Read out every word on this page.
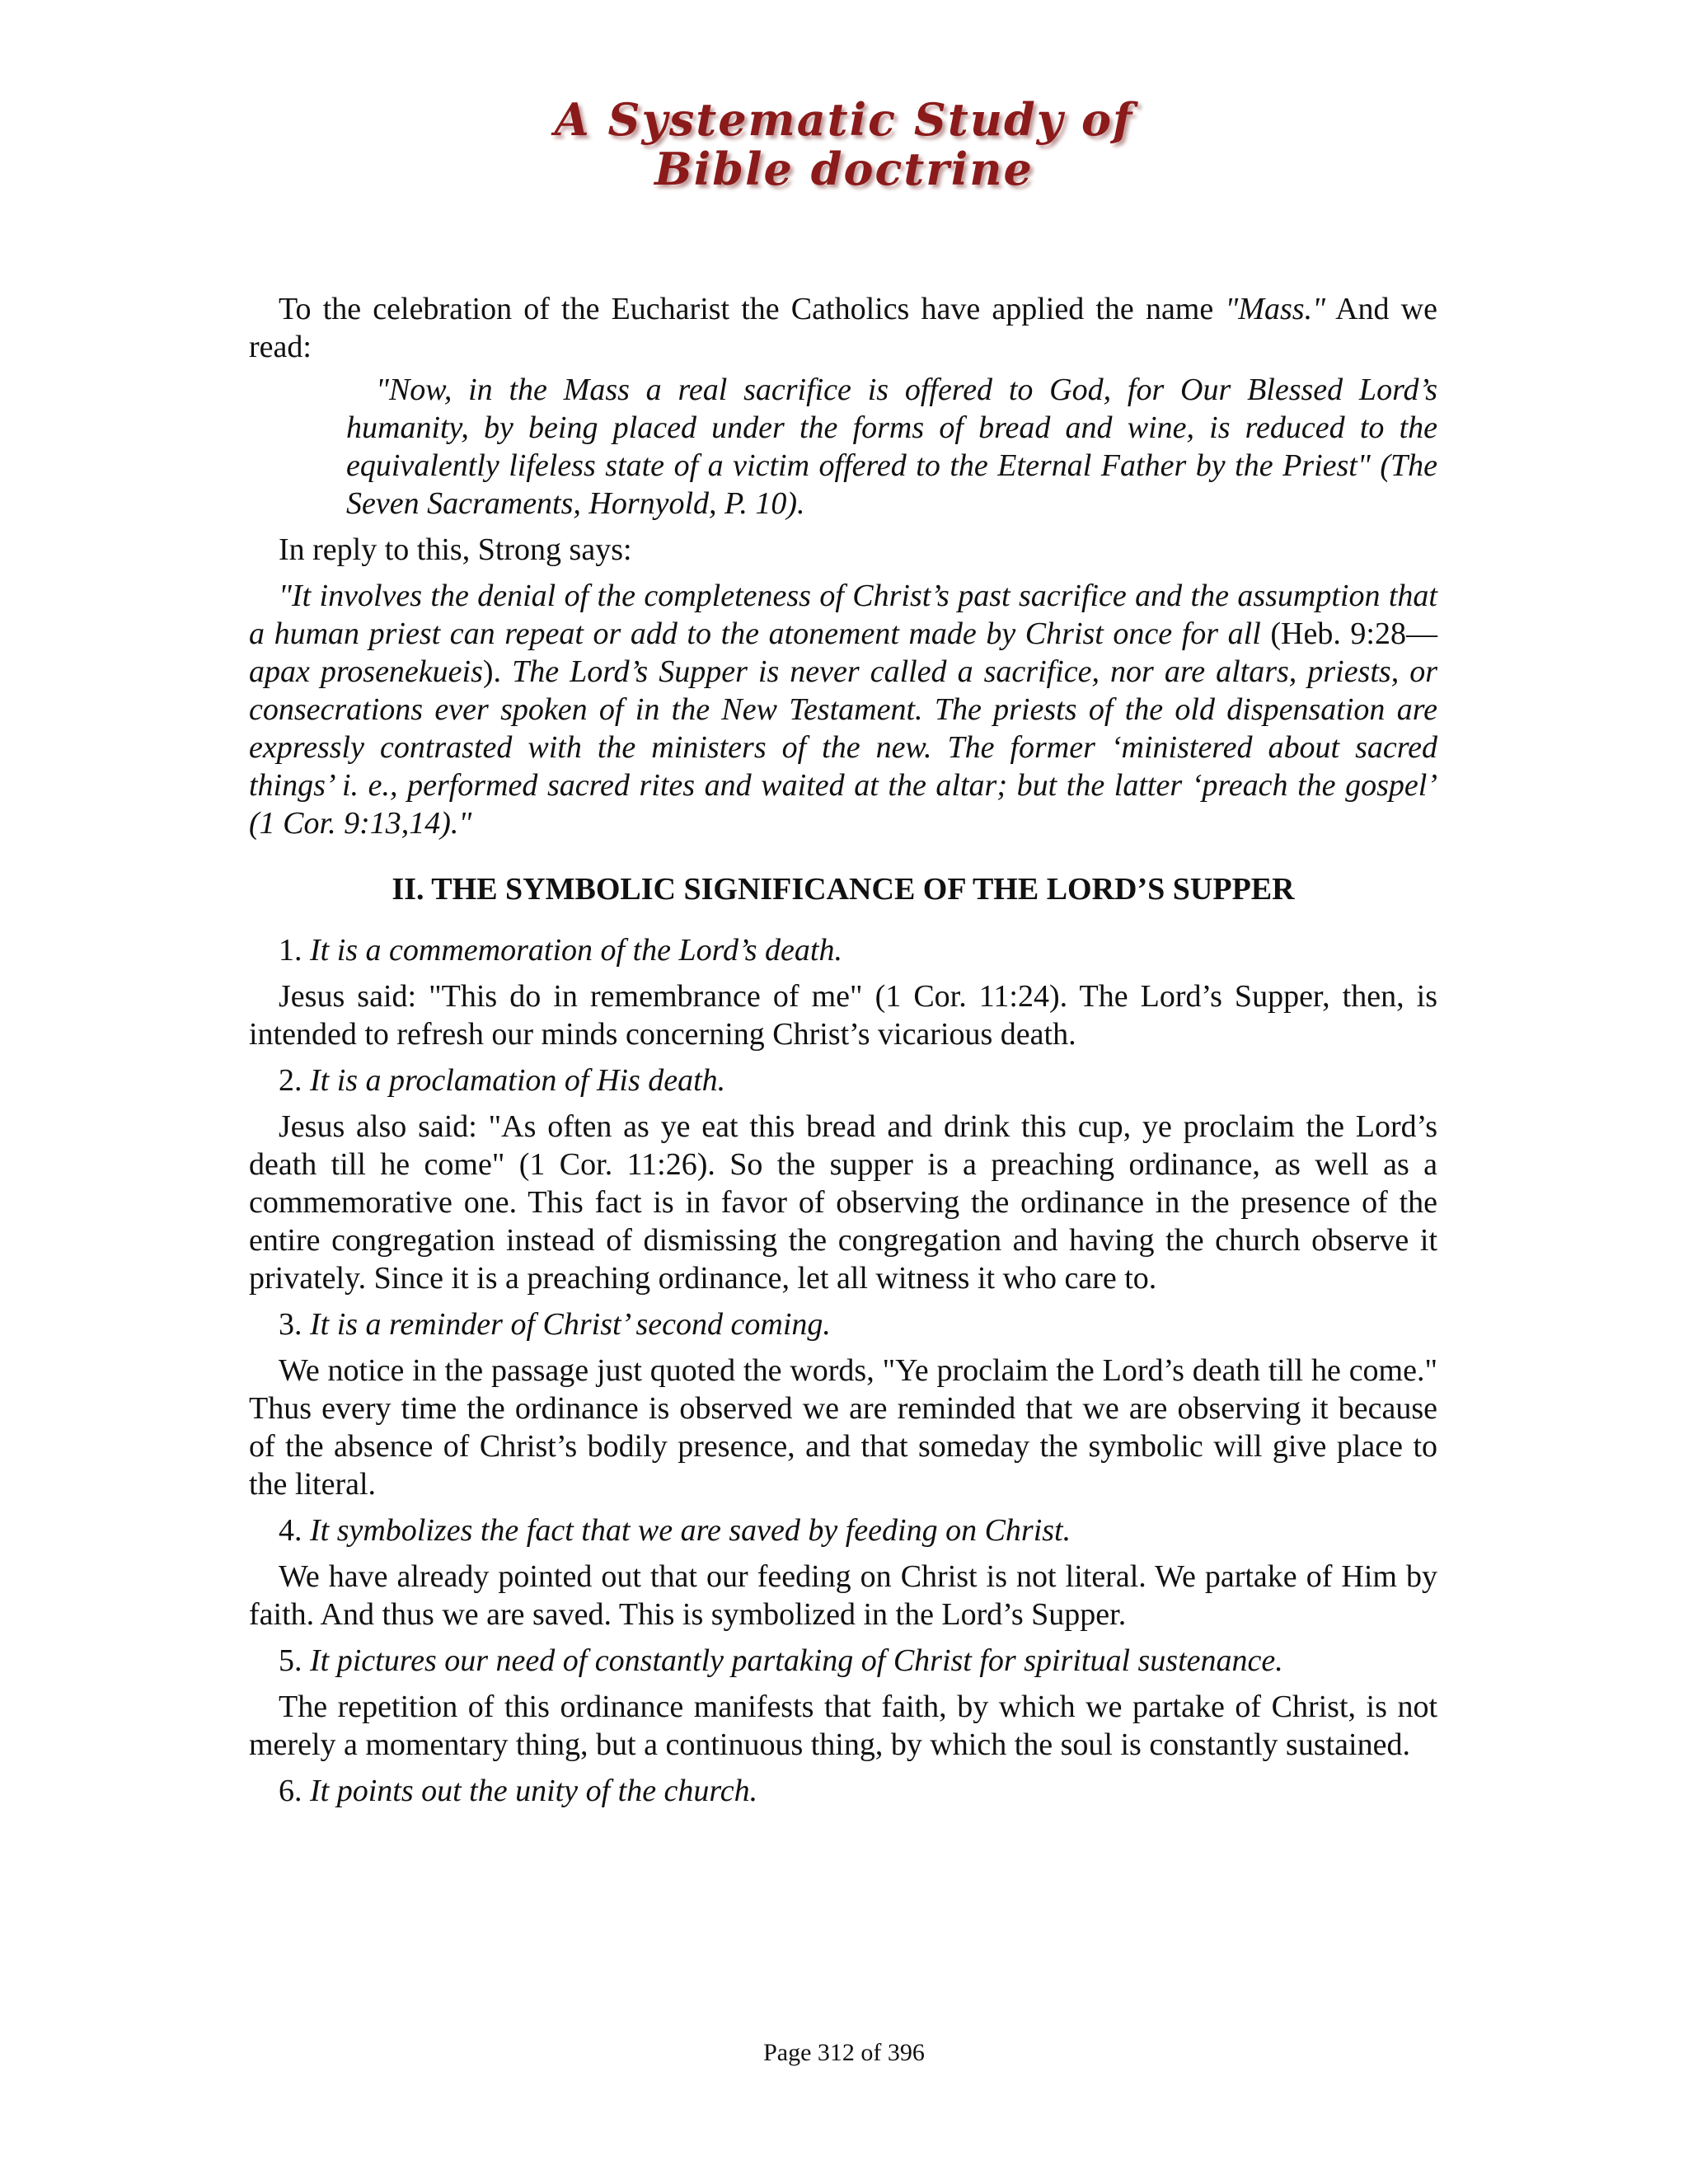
A Systematic Study of
Bible doctrine

To the celebration of the Eucharist the Catholics have applied the name "Mass." And we read:

"Now, in the Mass a real sacrifice is offered to God, for Our Blessed Lord’s humanity, by being placed under the forms of bread and wine, is reduced to the equivalently lifeless state of a victim offered to the Eternal Father by the Priest" (The Seven Sacraments, Hornyold, P. 10).

In reply to this, Strong says:

"It involves the denial of the completeness of Christ’s past sacrifice and the assumption that a human priest can repeat or add to the atonement made by Christ once for all (Heb. 9:28—apax prosenekueis). The Lord’s Supper is never called a sacrifice, nor are altars, priests, or consecrations ever spoken of in the New Testament. The priests of the old dispensation are expressly contrasted with the ministers of the new. The former ‘ministered about sacred things’ i. e., performed sacred rites and waited at the altar; but the latter ‘preach the gospel’ (1 Cor. 9:13,14)."

II. THE SYMBOLIC SIGNIFICANCE OF THE LORD’S SUPPER

1. It is a commemoration of the Lord’s death.

Jesus said: "This do in remembrance of me" (1 Cor. 11:24). The Lord’s Supper, then, is intended to refresh our minds concerning Christ’s vicarious death.

2. It is a proclamation of His death.

Jesus also said: "As often as ye eat this bread and drink this cup, ye proclaim the Lord’s death till he come" (1 Cor. 11:26). So the supper is a preaching ordinance, as well as a commemorative one. This fact is in favor of observing the ordinance in the presence of the entire congregation instead of dismissing the congregation and having the church observe it privately. Since it is a preaching ordinance, let all witness it who care to.

3. It is a reminder of Christ’ second coming.

We notice in the passage just quoted the words, "Ye proclaim the Lord’s death till he come." Thus every time the ordinance is observed we are reminded that we are observing it because of the absence of Christ’s bodily presence, and that someday the symbolic will give place to the literal.

4. It symbolizes the fact that we are saved by feeding on Christ.

We have already pointed out that our feeding on Christ is not literal. We partake of Him by faith. And thus we are saved. This is symbolized in the Lord’s Supper.

5. It pictures our need of constantly partaking of Christ for spiritual sustenance.

The repetition of this ordinance manifests that faith, by which we partake of Christ, is not merely a momentary thing, but a continuous thing, by which the soul is constantly sustained.

6. It points out the unity of the church.

Page 312 of 396
